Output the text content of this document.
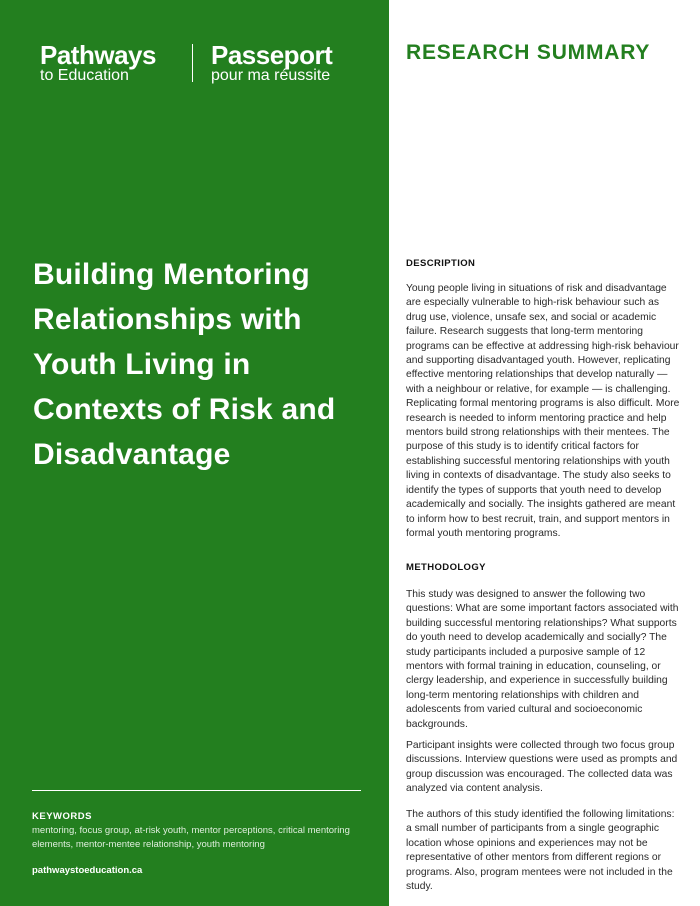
Pathways
to Education
Passeport
pour ma réussite
Building Mentoring Relationships with Youth Living in Contexts of Risk and Disadvantage
KEYWORDS
mentoring, focus group, at-risk youth, mentor perceptions, critical mentoring elements, mentor-mentee relationship, youth mentoring
pathwaystoeducation.ca
RESEARCH SUMMARY
DESCRIPTION

Young people living in situations of risk and disadvantage are especially vulnerable to high-risk behaviour such as drug use, violence, unsafe sex, and social or academic failure. Research suggests that long-term mentoring programs can be effective at addressing high-risk behaviour and supporting disadvantaged youth. However, replicating effective mentoring relationships that develop naturally — with a neighbour or relative, for example — is challenging. Replicating formal mentoring programs is also difficult. More research is needed to inform mentoring practice and help mentors build strong relationships with their mentees. The purpose of this study is to identify critical factors for establishing successful mentoring relationships with youth living in contexts of disadvantage. The study also seeks to identify the types of supports that youth need to develop academically and socially. The insights gathered are meant to inform how to best recruit, train, and support mentors in formal youth mentoring programs.

METHODOLOGY

This study was designed to answer the following two questions: What are some important factors associated with building successful mentoring relationships? What supports do youth need to develop academically and socially? The study participants included a purposive sample of 12 mentors with formal training in education, counseling, or clergy leadership, and experience in successfully building long-term mentoring relationships with children and adolescents from varied cultural and socioeconomic backgrounds.

Participant insights were collected through two focus group discussions. Interview questions were used as prompts and group discussion was encouraged. The collected data was analyzed via content analysis.

The authors of this study identified the following limitations: a small number of participants from a single geographic location whose opinions and experiences may not be representative of other mentors from different regions or programs. Also, program mentees were not included in the study.
